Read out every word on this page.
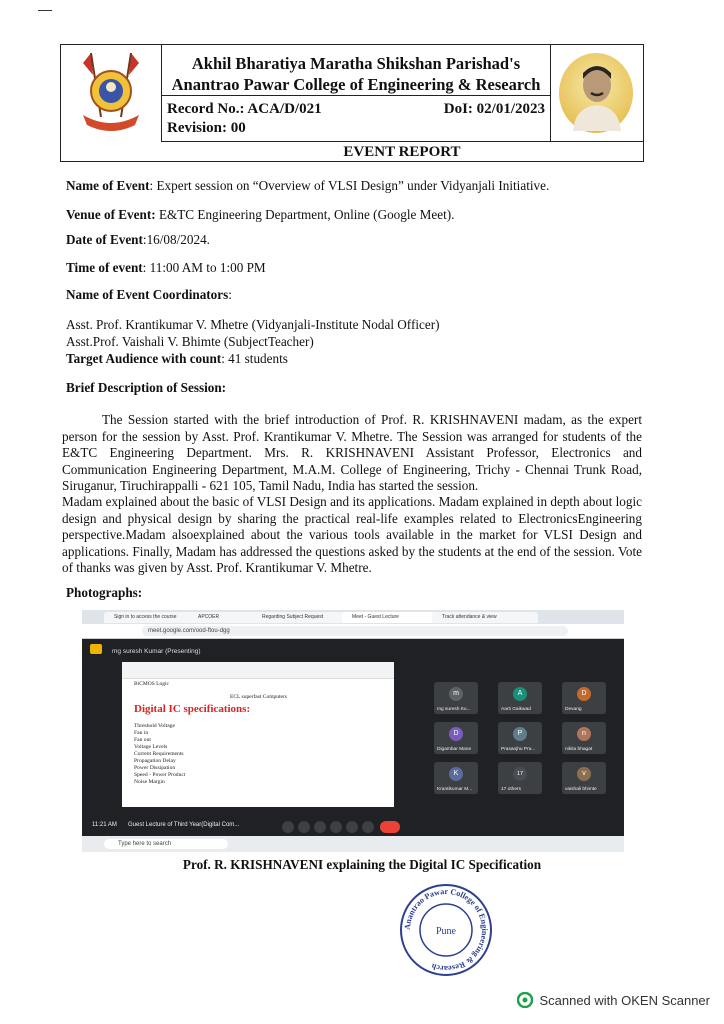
Akhil Bharatiya Maratha Shikshan Parishad's
Anantrao Pawar College of Engineering & Research
Record No.: ACA/D/021
Revision: 00
DoI: 02/01/2023
EVENT REPORT
Name of Event: Expert session on “Overview of VLSI Design” under Vidyanjali Initiative.
Venue of Event: E&TC Engineering Department, Online (Google Meet).
Date of Event:16/08/2024.
Time of event: 11:00 AM to 1:00 PM
Name of Event Coordinators:
Asst. Prof. Krantikumar V. Mhetre (Vidyanjali-Institute Nodal Officer)
Asst.Prof. Vaishali V. Bhimte (SubjectTeacher)
Target Audience with count: 41 students
Brief Description of Session:
The Session started with the brief introduction of Prof. R. KRISHNAVENI madam, as the expert person for the session by Asst. Prof. Krantikumar V. Mhetre. The Session was arranged for students of the E&TC Engineering Department. Mrs. R. KRISHNAVENI Assistant Professor, Electronics and Communication Engineering Department, M.A.M. College of Engineering, Trichy - Chennai Trunk Road, Siruganur, Tiruchirappalli - 621 105, Tamil Nadu, India has started the session.
Madam explained about the basic of VLSI Design and its applications. Madam explained in depth about logic design and physical design by sharing the practical real-life examples related to ElectronicsEngineering perspective.Madam alsoexplained about the various tools available in the market for VLSI Design and applications. Finally, Madam has addressed the questions asked by the students at the end of the session. Vote of thanks was given by Asst. Prof. Krantikumar V. Mhetre.
Photographs:
Sign in to access the course	APCOER	Regarding Subject Request	Meet - Guest Lecture	Track attendance & view
meet.google.com/ood-ftou-dgg
mg suresh Kumar (Presenting)
BiCMOS Logic
ECL superfast Computers
Digital IC specifications:
Threshold Voltage
Fan in
Fan out
Voltage Levels
Current Requirements
Propagation Delay
Power Dissipation
Speed - Power Product
Noise Margin
m
mg suresh Ku...
A
Aarti Gaikwad
D
Devang
D
Digambar Mane
P
Prasanjhu Pra...
n
nikita bhagat
K
Krantikumar M...
17
17 others
v
vaishali bhimte
11:21 AM Guest Lecture of Third Year(Digital Com...
Type here to search
Prof. R. KRISHNAVENI explaining the Digital IC Specification
Anantrao Pawar College of Engineering & Research
Pune
Scanned with OKEN Scanner
